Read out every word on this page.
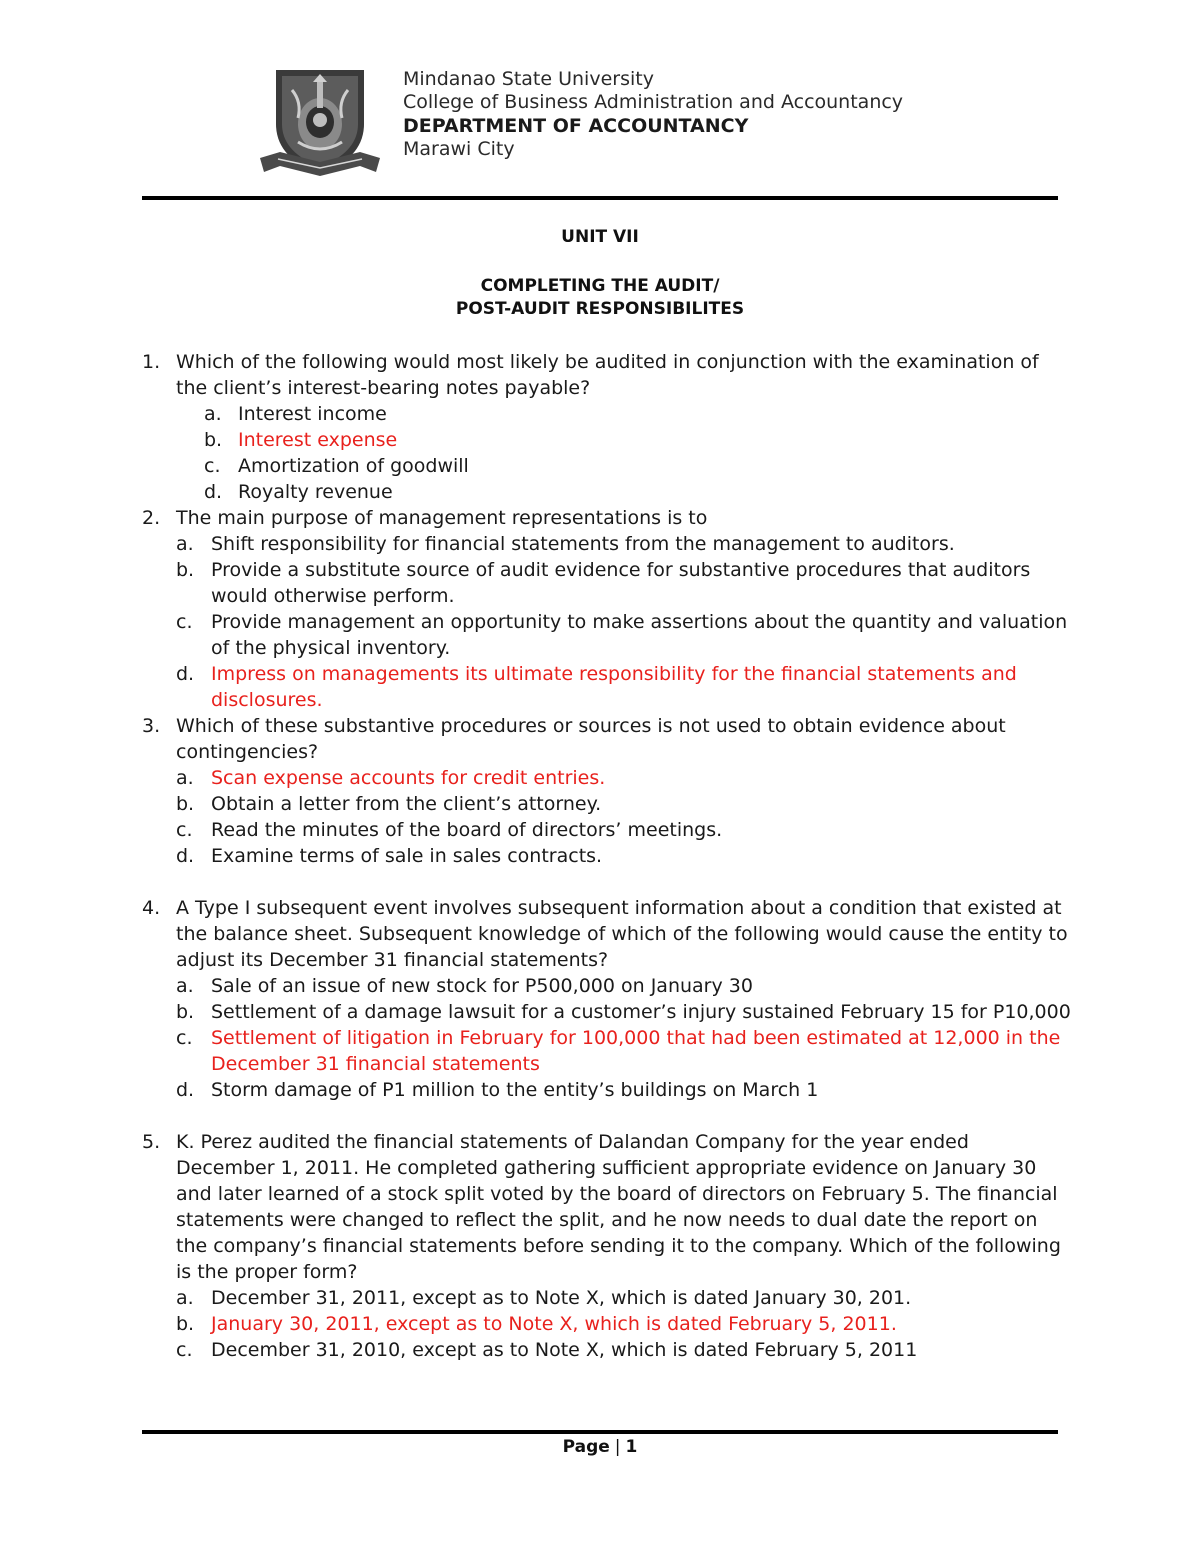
Mindanao State University
College of Business Administration and Accountancy
DEPARTMENT OF ACCOUNTANCY
Marawi City
UNIT VII
COMPLETING THE AUDIT/
POST-AUDIT RESPONSIBILITES
1. Which of the following would most likely be audited in conjunction with the examination of the client’s interest-bearing notes payable?
a. Interest income
b. Interest expense
c. Amortization of goodwill
d. Royalty revenue
2. The main purpose of management representations is to
a. Shift responsibility for financial statements from the management to auditors.
b. Provide a substitute source of audit evidence for substantive procedures that auditors would otherwise perform.
c. Provide management an opportunity to make assertions about the quantity and valuation of the physical inventory.
d. Impress on managements its ultimate responsibility for the financial statements and disclosures.
3. Which of these substantive procedures or sources is not used to obtain evidence about contingencies?
a. Scan expense accounts for credit entries.
b. Obtain a letter from the client’s attorney.
c. Read the minutes of the board of directors’ meetings.
d. Examine terms of sale in sales contracts.
4. A Type I subsequent event involves subsequent information about a condition that existed at the balance sheet. Subsequent knowledge of which of the following would cause the entity to adjust its December 31 financial statements?
a. Sale of an issue of new stock for P500,000 on January 30
b. Settlement of a damage lawsuit for a customer’s injury sustained February 15 for P10,000
c. Settlement of litigation in February for 100,000 that had been estimated at 12,000 in the December 31 financial statements
d. Storm damage of P1 million to the entity’s buildings on March 1
5. K. Perez audited the financial statements of Dalandan Company for the year ended December 1, 2011. He completed gathering sufficient appropriate evidence on January 30 and later learned of a stock split voted by the board of directors on February 5. The financial statements were changed to reflect the split, and he now needs to dual date the report on the company’s financial statements before sending it to the company. Which of the following is the proper form?
a. December 31, 2011, except as to Note X, which is dated January 30, 201.
b. January 30, 2011, except as to Note X, which is dated February 5, 2011.
c. December 31, 2010, except as to Note X, which is dated February 5, 2011
Page | 1
